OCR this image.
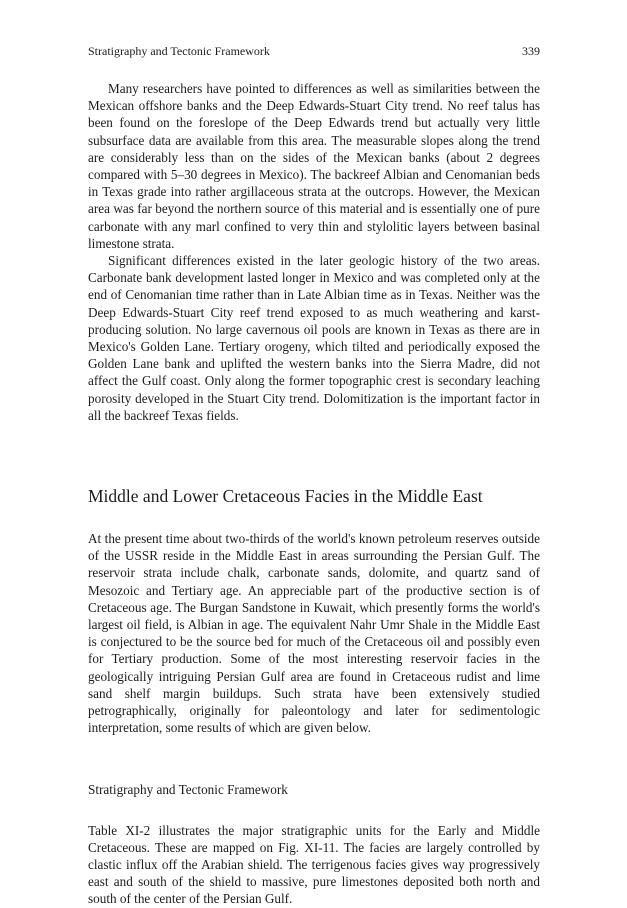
Stratigraphy and Tectonic Framework	339

Many researchers have pointed to differences as well as similarities between the Mexican offshore banks and the Deep Edwards-Stuart City trend. No reef talus has been found on the foreslope of the Deep Edwards trend but actually very little subsurface data are available from this area. The measurable slopes along the trend are considerably less than on the sides of the Mexican banks (about 2 degrees compared with 5–30 degrees in Mexico). The backreef Albian and Cenomanian beds in Texas grade into rather argillaceous strata at the outcrops. However, the Mexican area was far beyond the northern source of this material and is essentially one of pure carbonate with any marl confined to very thin and stylolitic layers between basinal limestone strata.

Significant differences existed in the later geologic history of the two areas. Carbonate bank development lasted longer in Mexico and was completed only at the end of Cenomanian time rather than in Late Albian time as in Texas. Neither was the Deep Edwards-Stuart City reef trend exposed to as much weathering and karst-producing solution. No large cavernous oil pools are known in Texas as there are in Mexico's Golden Lane. Tertiary orogeny, which tilted and periodically exposed the Golden Lane bank and uplifted the western banks into the Sierra Madre, did not affect the Gulf coast. Only along the former topographic crest is secondary leaching porosity developed in the Stuart City trend. Dolomitization is the important factor in all the backreef Texas fields.

Middle and Lower Cretaceous Facies in the Middle East

At the present time about two-thirds of the world's known petroleum reserves outside of the USSR reside in the Middle East in areas surrounding the Persian Gulf. The reservoir strata include chalk, carbonate sands, dolomite, and quartz sand of Mesozoic and Tertiary age. An appreciable part of the productive section is of Cretaceous age. The Burgan Sandstone in Kuwait, which presently forms the world's largest oil field, is Albian in age. The equivalent Nahr Umr Shale in the Middle East is conjectured to be the source bed for much of the Cretaceous oil and possibly even for Tertiary production. Some of the most interesting reservoir facies in the geologically intriguing Persian Gulf area are found in Cretaceous rudist and lime sand shelf margin buildups. Such strata have been extensively studied petrographically, originally for paleontology and later for sedimentologic interpretation, some results of which are given below.

Stratigraphy and Tectonic Framework

Table XI-2 illustrates the major stratigraphic units for the Early and Middle Cretaceous. These are mapped on Fig. XI-11. The facies are largely controlled by clastic influx off the Arabian shield. The terrigenous facies gives way progressively east and south of the shield to massive, pure limestones deposited both north and south of the center of the Persian Gulf.
